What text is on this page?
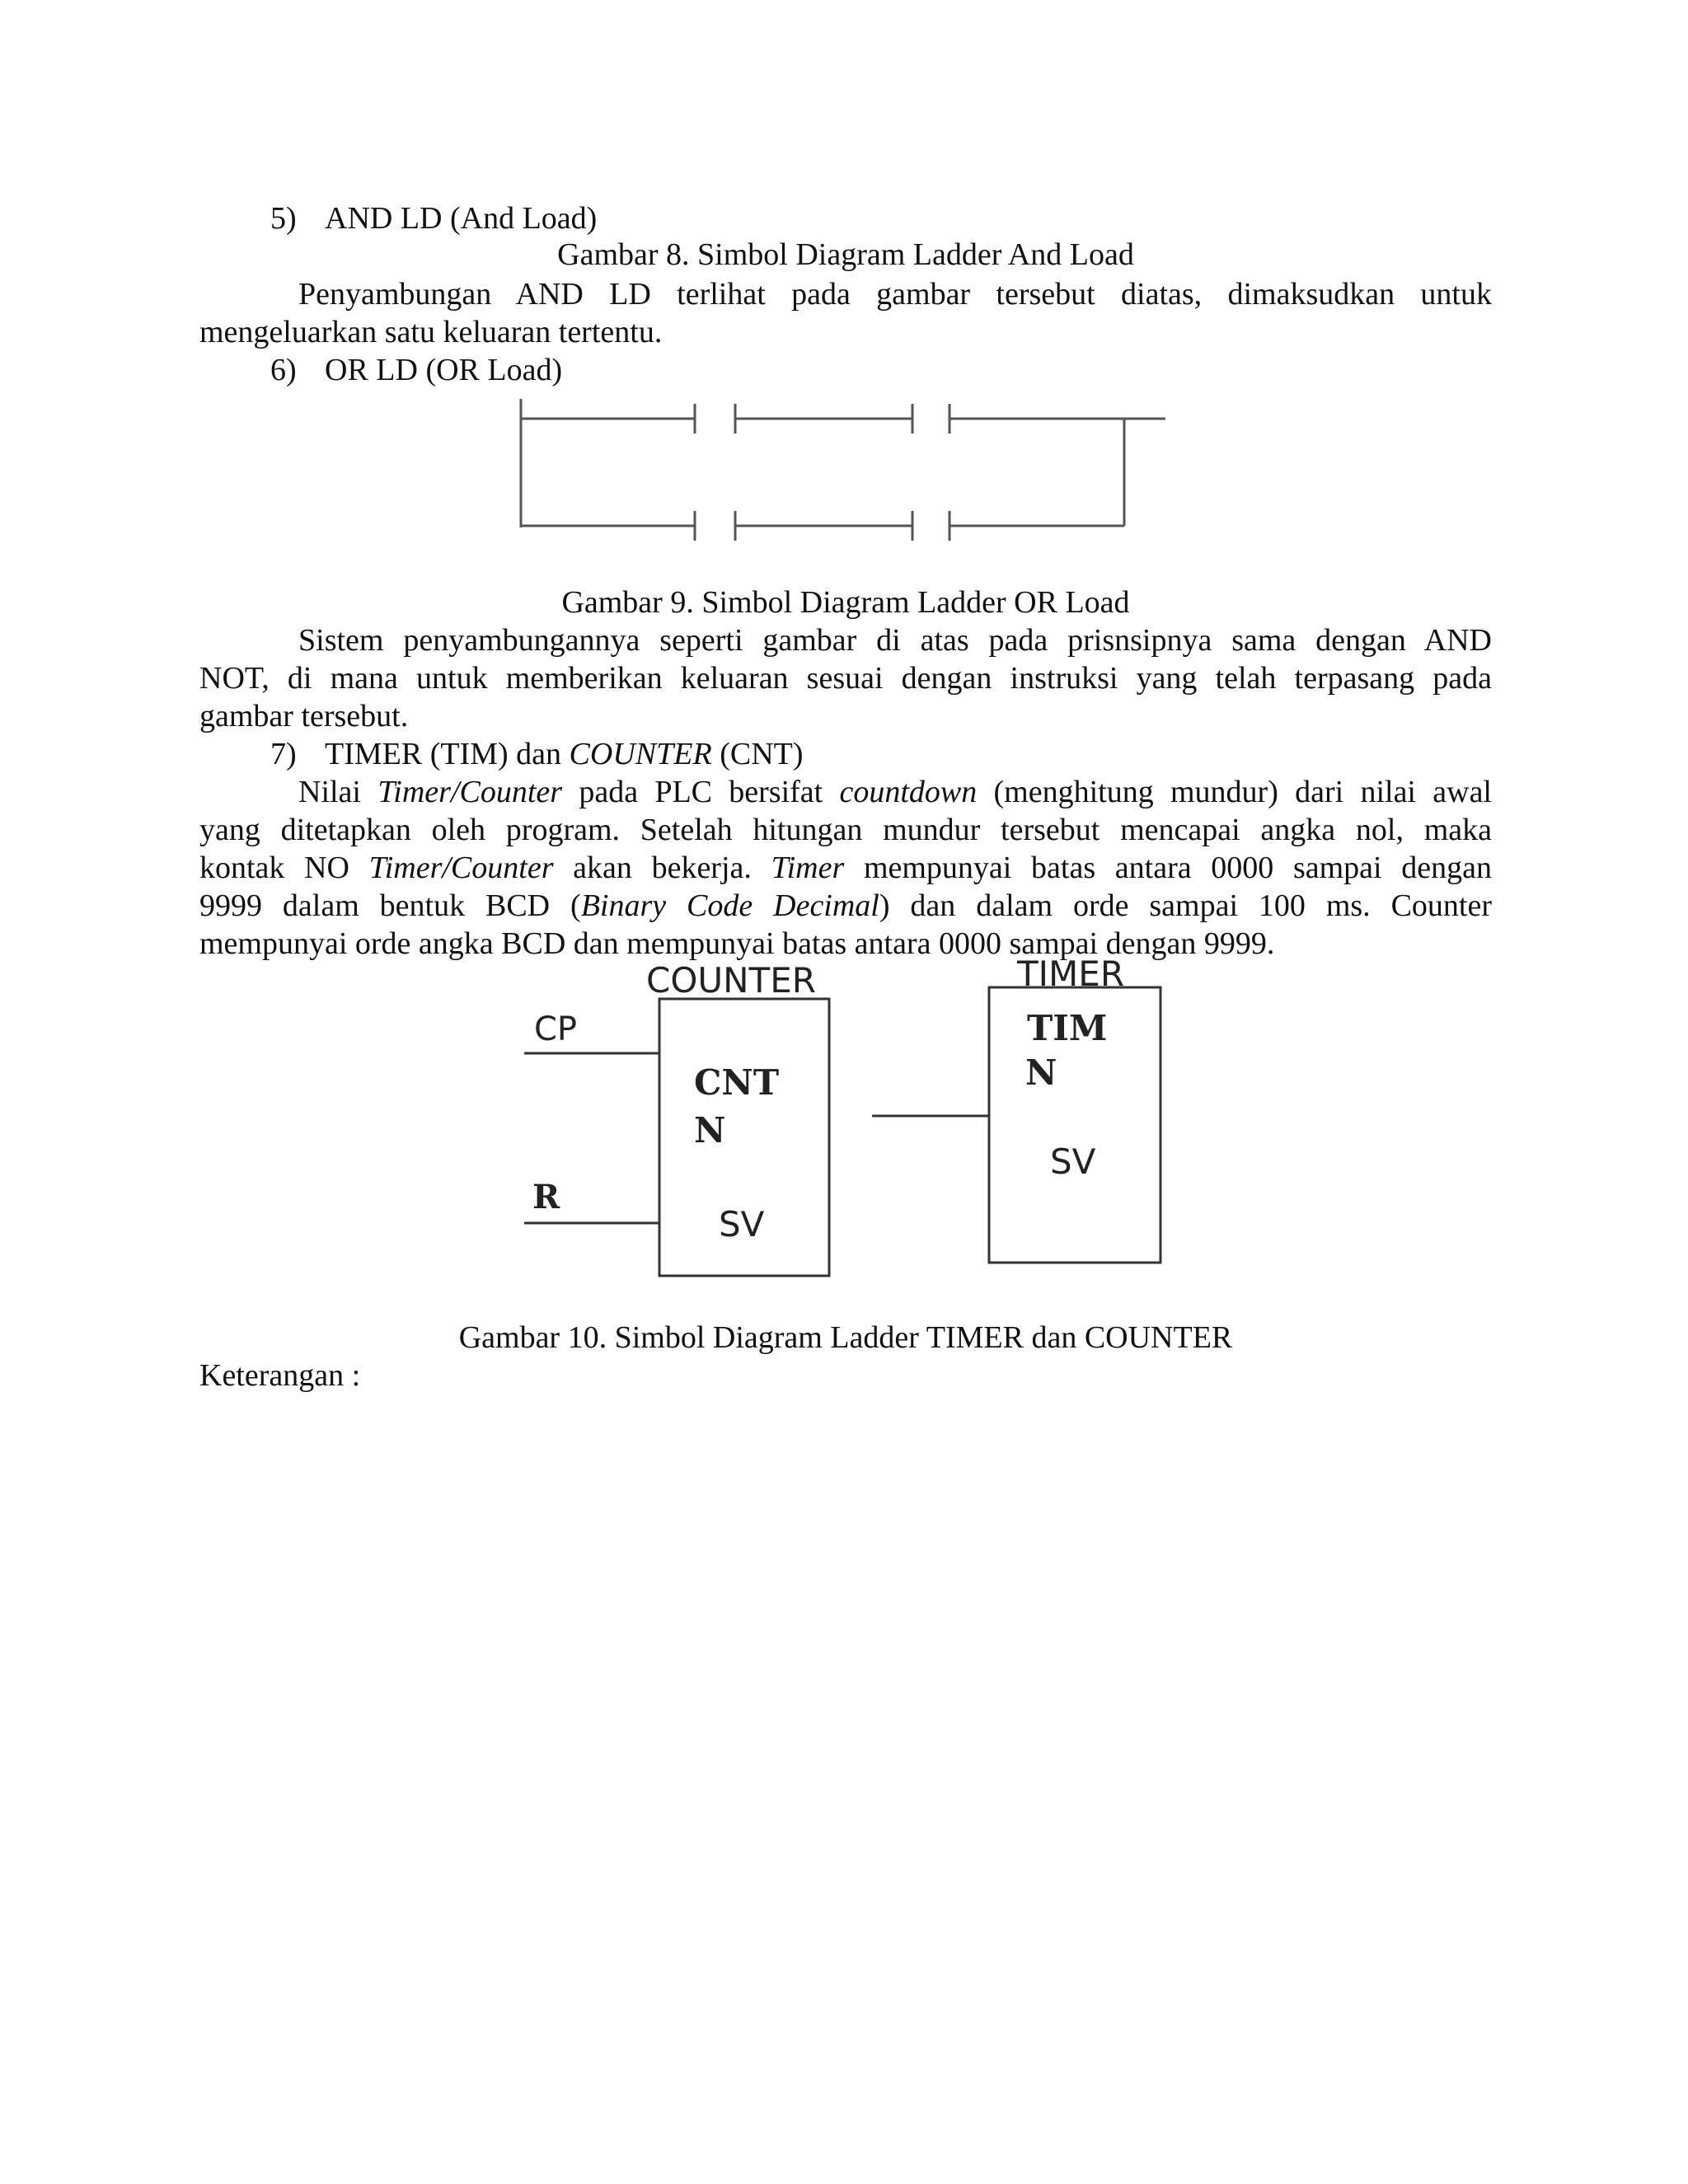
5) AND LD (And Load)
Gambar 8. Simbol Diagram Ladder And Load
Penyambungan AND LD terlihat pada gambar tersebut diatas, dimaksudkan untuk
mengeluarkan satu keluaran tertentu.
6) OR LD (OR Load)
Gambar 9. Simbol Diagram Ladder OR Load
Sistem penyambungannya seperti gambar di atas pada prisnsipnya sama dengan AND
NOT, di mana untuk memberikan keluaran sesuai dengan instruksi yang telah terpasang pada
gambar tersebut.
7) TIMER (TIM) dan COUNTER (CNT)
Nilai Timer/Counter pada PLC bersifat countdown (menghitung mundur) dari nilai awal
yang ditetapkan oleh program. Setelah hitungan mundur tersebut mencapai angka nol, maka
kontak NO Timer/Counter akan bekerja. Timer mempunyai batas antara 0000 sampai dengan
9999 dalam bentuk BCD (Binary Code Decimal) dan dalam orde sampai 100 ms. Counter
mempunyai orde angka BCD dan mempunyai batas antara 0000 sampai dengan 9999.
COUNTER
CP
R
CNT
N
SV
TIMER
TIM
N
SV
Gambar 10. Simbol Diagram Ladder TIMER dan COUNTER
Keterangan :
